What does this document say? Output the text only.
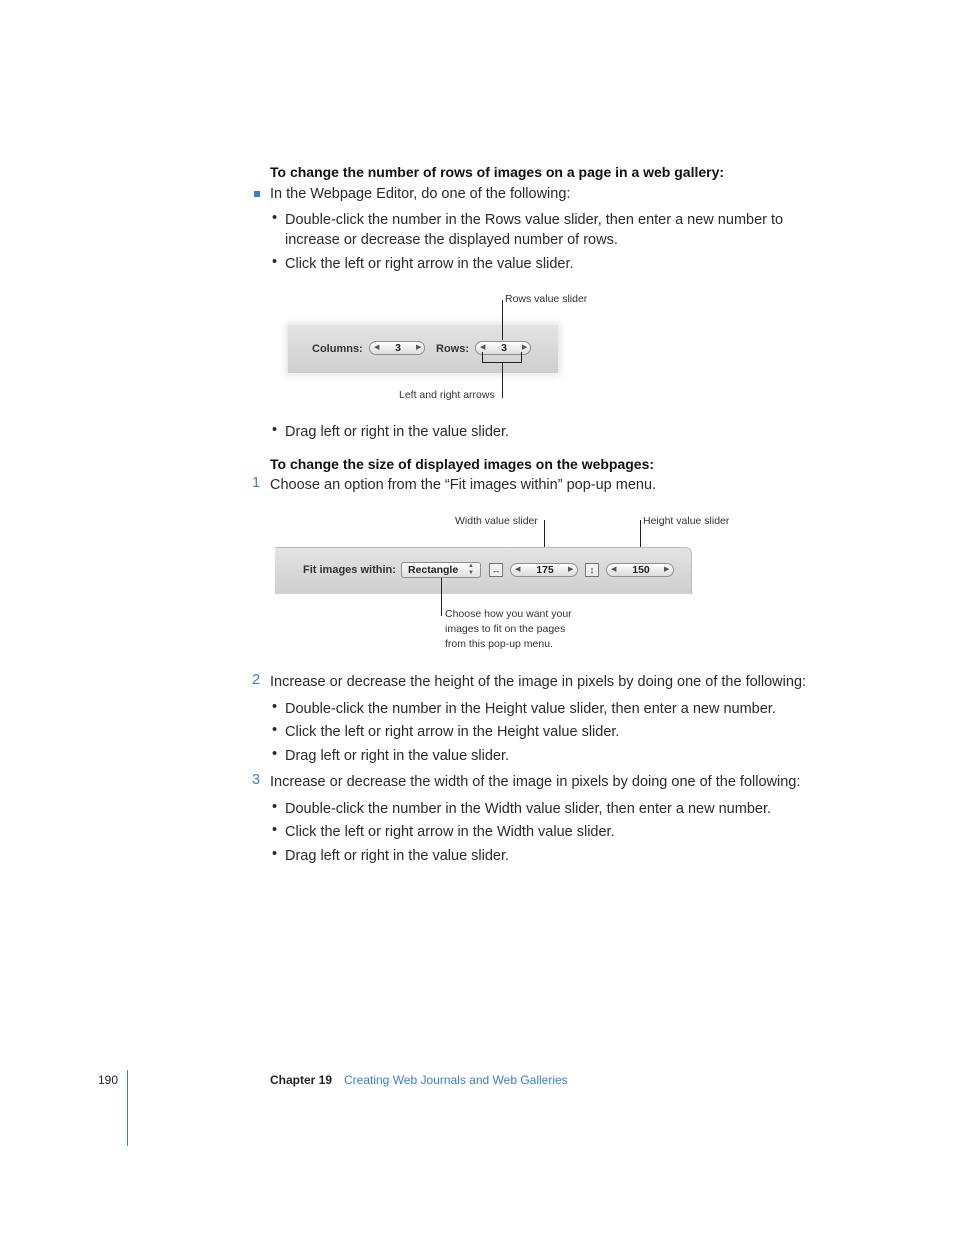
To change the number of rows of images on a page in a web gallery:
In the Webpage Editor, do one of the following:
• Double-click the number in the Rows value slider, then enter a new number to
increase or decrease the displayed number of rows.
• Click the left or right arrow in the value slider.
Columns: ◀	3	▶ Rows: ◀	3	▶
Rows value slider
Left and right arrows
• Drag left or right in the value slider.
To change the size of displayed images on the webpages:
1 Choose an option from the “Fit images within” pop-up menu.
Width value slider	Height value slider
Fit images within: Rectangle ▲
▼ ↔	◀	175	▶	↕	◀	150	▶
Choose how you want your
images to fit on the pages
from this pop-up menu.
2 Increase or decrease the height of the image in pixels by doing one of the following:
• Double-click the number in the Height value slider, then enter a new number.
• Click the left or right arrow in the Height value slider.
• Drag left or right in the value slider.
3 Increase or decrease the width of the image in pixels by doing one of the following:
• Double-click the number in the Width value slider, then enter a new number.
• Click the left or right arrow in the Width value slider.
• Drag left or right in the value slider.
190	Chapter 19 Creating Web Journals and Web Galleries
